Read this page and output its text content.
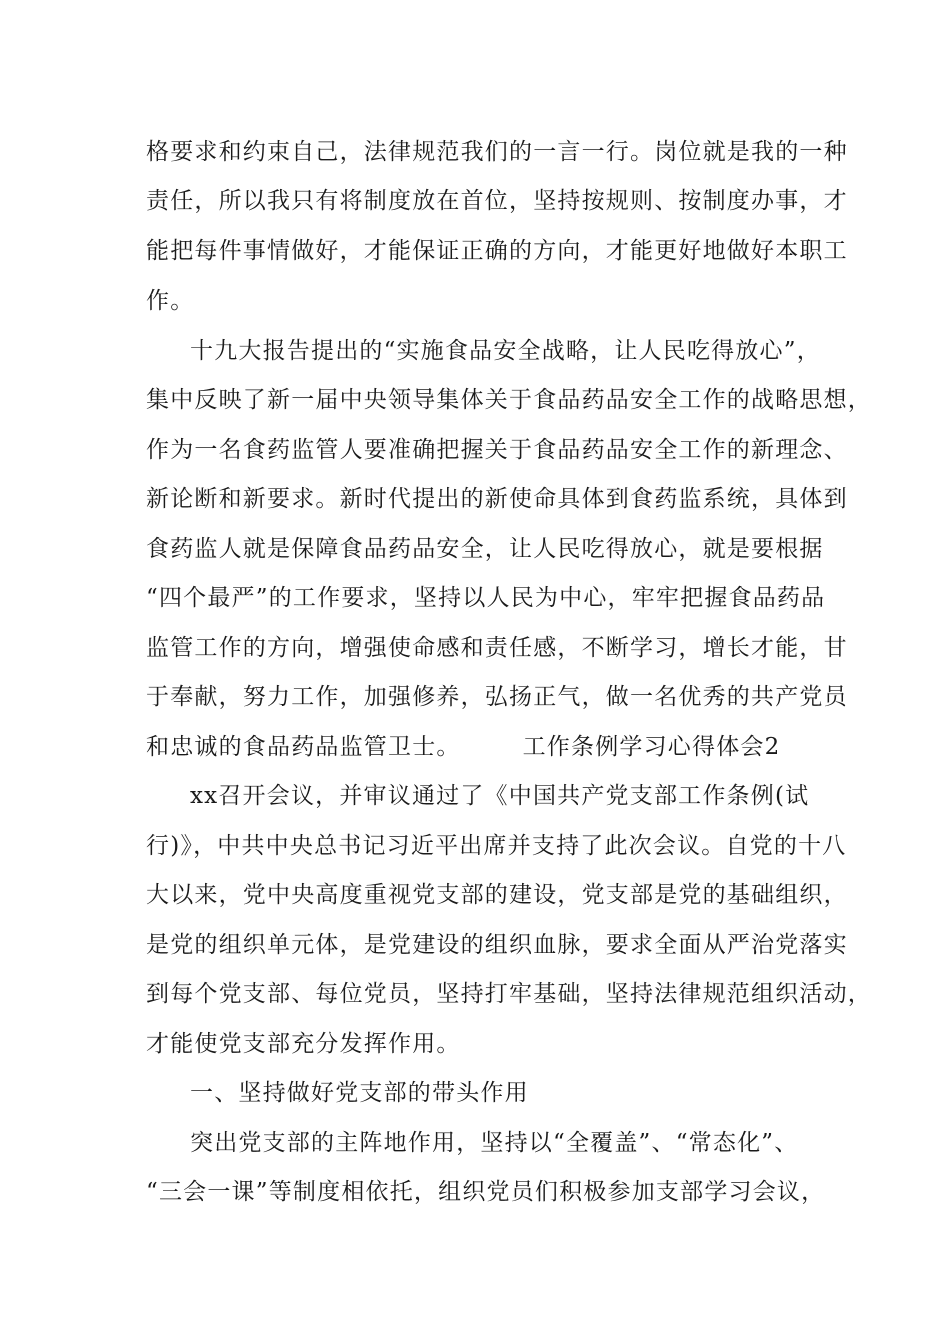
格要求和约束自己，法律规范我们的一言一行。岗位就是我的一种
责任，所以我只有将制度放在首位，坚持按规则、按制度办事，才
能把每件事情做好，才能保证正确的方向，才能更好地做好本职工
作。
十九大报告提出的“实施食品安全战略，让人民吃得放心”，
集中反映了新一届中央领导集体关于食品药品安全工作的战略思想，
作为一名食药监管人要准确把握关于食品药品安全工作的新理念、
新论断和新要求。新时代提出的新使命具体到食药监系统，具体到
食药监人就是保障食品药品安全，让人民吃得放心，就是要根据
“四个最严”的工作要求，坚持以人民为中心，牢牢把握食品药品
监管工作的方向，增强使命感和责任感，不断学习，增长才能，甘
于奉献，努力工作，加强修养，弘扬正气，做一名优秀的共产党员
和忠诚的食品药品监管卫士。	工作条例学习心得体会2
xx召开会议，并审议通过了《中国共产党支部工作条例(试
行)》，中共中央总书记习近平出席并支持了此次会议。自党的十八
大以来，党中央高度重视党支部的建设，党支部是党的基础组织，
是党的组织单元体，是党建设的组织血脉，要求全面从严治党落实
到每个党支部、每位党员，坚持打牢基础，坚持法律规范组织活动，
才能使党支部充分发挥作用。
一、坚持做好党支部的带头作用
突出党支部的主阵地作用，坚持以“全覆盖”、“常态化”、
“三会一课”等制度相依托，组织党员们积极参加支部学习会议，
